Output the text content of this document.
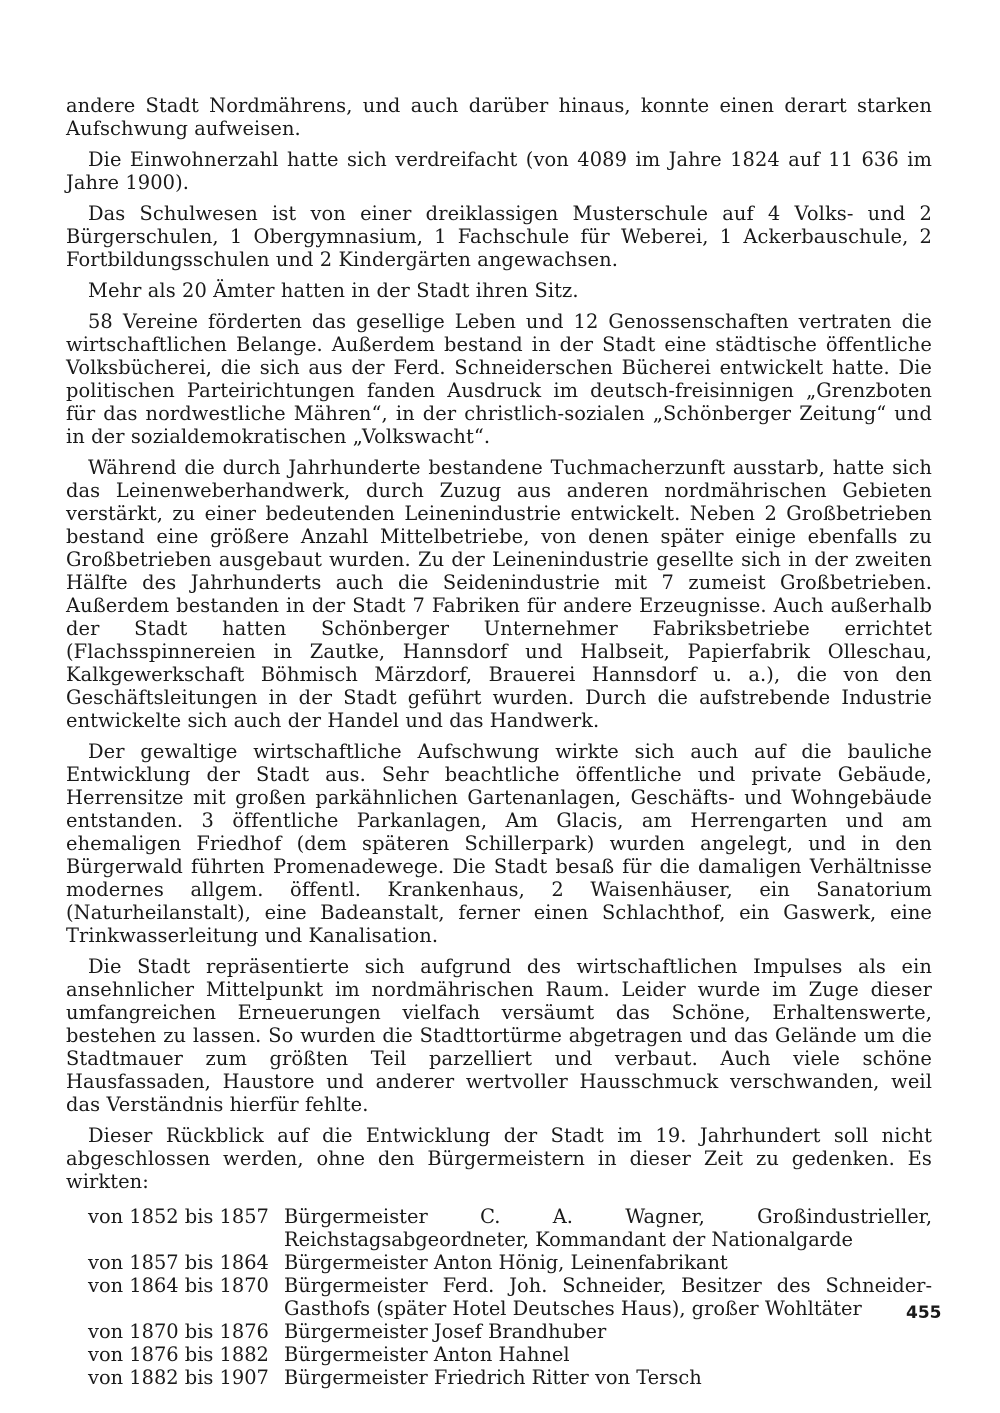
andere Stadt Nordmährens, und auch darüber hinaus, konnte einen derart starken Aufschwung aufweisen.

Die Einwohnerzahl hatte sich verdreifacht (von 4089 im Jahre 1824 auf 11 636 im Jahre 1900).

Das Schulwesen ist von einer dreiklassigen Musterschule auf 4 Volks- und 2 Bürgerschulen, 1 Obergymnasium, 1 Fachschule für Weberei, 1 Ackerbauschule, 2 Fortbildungsschulen und 2 Kindergärten angewachsen.

Mehr als 20 Ämter hatten in der Stadt ihren Sitz.

58 Vereine förderten das gesellige Leben und 12 Genossenschaften vertraten die wirtschaftlichen Belange. Außerdem bestand in der Stadt eine städtische öffentliche Volksbücherei, die sich aus der Ferd. Schneiderschen Bücherei entwickelt hatte. Die politischen Parteirichtungen fanden Ausdruck im deutsch-freisinnigen „Grenzboten für das nordwestliche Mähren“, in der christlich-sozialen „Schönberger Zeitung“ und in der sozialdemokratischen „Volkswacht“.

Während die durch Jahrhunderte bestandene Tuchmacherzunft ausstarb, hatte sich das Leinenweberhandwerk, durch Zuzug aus anderen nordmährischen Gebieten verstärkt, zu einer bedeutenden Leinenindustrie entwickelt. Neben 2 Großbetrieben bestand eine größere Anzahl Mittelbetriebe, von denen später einige ebenfalls zu Großbetrieben ausgebaut wurden. Zu der Leinenindustrie gesellte sich in der zweiten Hälfte des Jahrhunderts auch die Seidenindustrie mit 7 zumeist Großbetrieben. Außerdem bestanden in der Stadt 7 Fabriken für andere Erzeugnisse. Auch außerhalb der Stadt hatten Schönberger Unternehmer Fabriksbetriebe errichtet (Flachsspinnereien in Zautke, Hannsdorf und Halbseit, Papierfabrik Olleschau, Kalkgewerkschaft Böhmisch Märzdorf, Brauerei Hannsdorf u. a.), die von den Geschäftsleitungen in der Stadt geführt wurden. Durch die aufstrebende Industrie entwickelte sich auch der Handel und das Handwerk.

Der gewaltige wirtschaftliche Aufschwung wirkte sich auch auf die bauliche Entwicklung der Stadt aus. Sehr beachtliche öffentliche und private Gebäude, Herrensitze mit großen parkähnlichen Gartenanlagen, Geschäfts- und Wohngebäude entstanden. 3 öffentliche Parkanlagen, Am Glacis, am Herrengarten und am ehemaligen Friedhof (dem späteren Schillerpark) wurden angelegt, und in den Bürgerwald führten Promenadewege. Die Stadt besaß für die damaligen Verhältnisse modernes allgem. öffentl. Krankenhaus, 2 Waisenhäuser, ein Sanatorium (Naturheilanstalt), eine Badeanstalt, ferner einen Schlachthof, ein Gaswerk, eine Trinkwasserleitung und Kanalisation.

Die Stadt repräsentierte sich aufgrund des wirtschaftlichen Impulses als ein ansehnlicher Mittelpunkt im nordmährischen Raum. Leider wurde im Zuge dieser umfangreichen Erneuerungen vielfach versäumt das Schöne, Erhaltenswerte, bestehen zu lassen. So wurden die Stadttortürme abgetragen und das Gelände um die Stadtmauer zum größten Teil parzelliert und verbaut. Auch viele schöne Hausfassaden, Haustore und anderer wertvoller Hausschmuck verschwanden, weil das Verständnis hierfür fehlte.

Dieser Rückblick auf die Entwicklung der Stadt im 19. Jahrhundert soll nicht abgeschlossen werden, ohne den Bürgermeistern in dieser Zeit zu gedenken. Es wirkten:

von 1852 bis 1857	Bürgermeister C. A. Wagner, Großindustrieller, Reichstagsabgeordneter, Kommandant der Nationalgarde
von 1857 bis 1864	Bürgermeister Anton Hönig, Leinenfabrikant
von 1864 bis 1870	Bürgermeister Ferd. Joh. Schneider, Besitzer des Schneider-Gasthofs (später Hotel Deutsches Haus), großer Wohltäter
von 1870 bis 1876	Bürgermeister Josef Brandhuber
von 1876 bis 1882	Bürgermeister Anton Hahnel
von 1882 bis 1907	Bürgermeister Friedrich Ritter von Tersch
455
